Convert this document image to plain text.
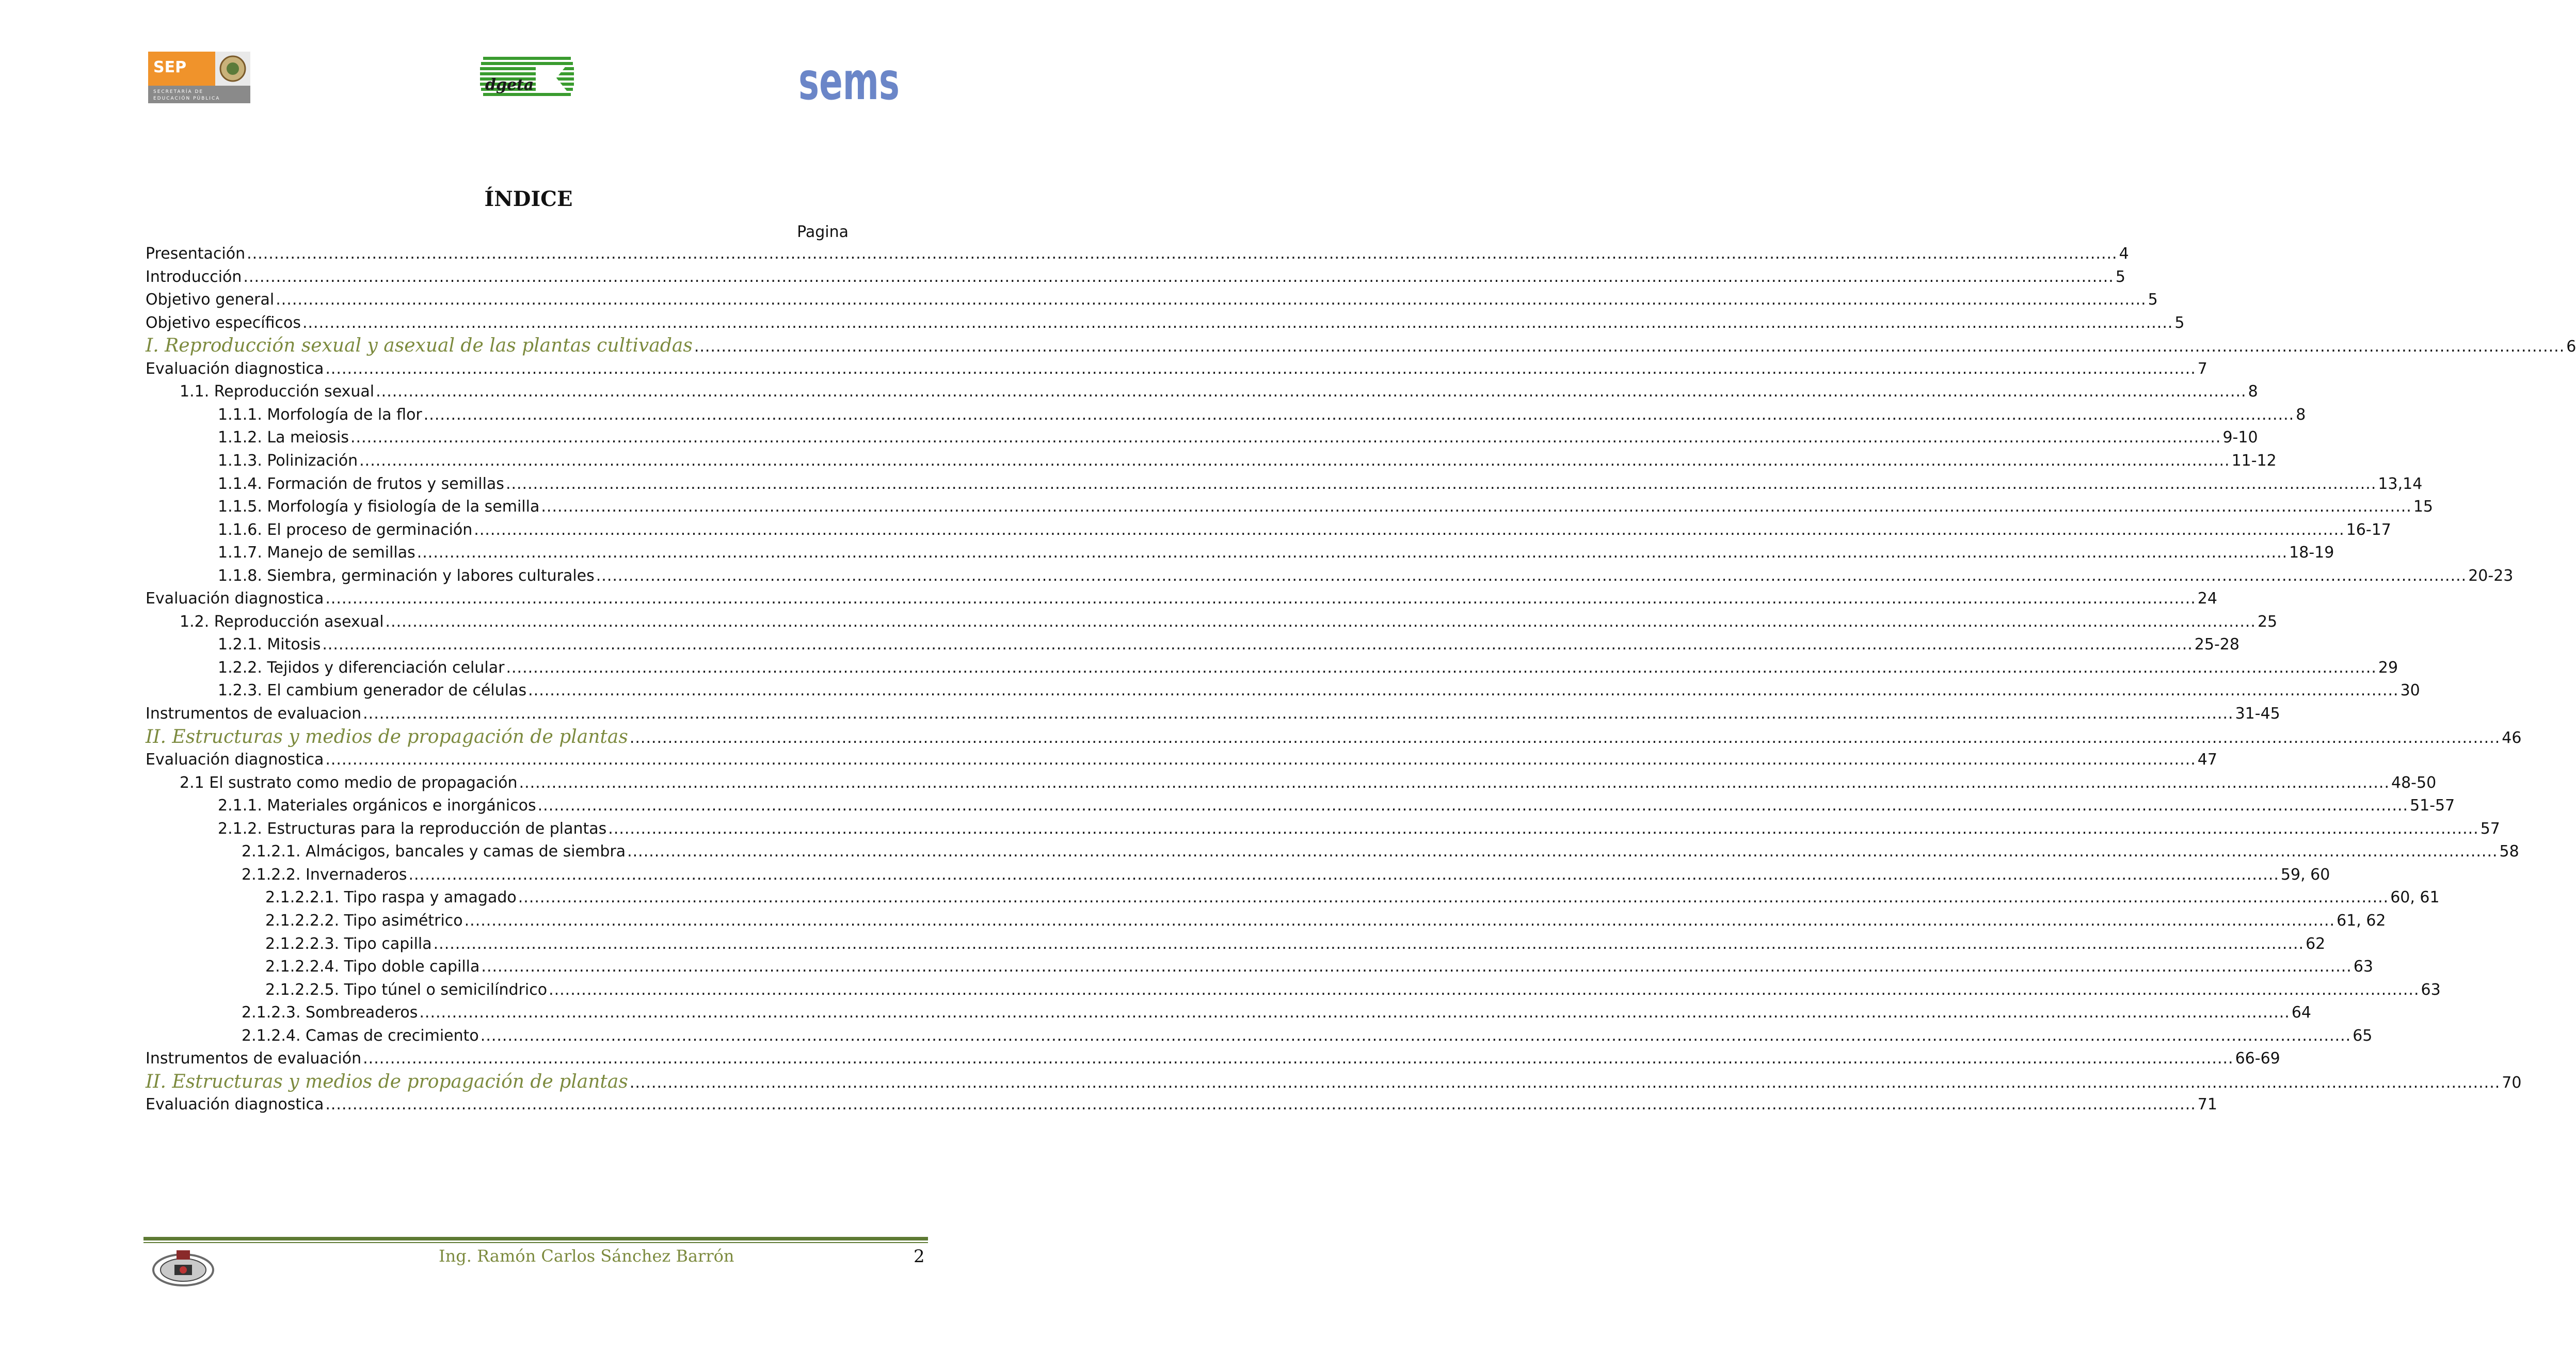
SEP
SECRETARÍA DE
EDUCACIÓN PÚBLICA
dgeta	sems
ÍNDICE
Pagina
Presentación .....	4
Introducción .....	5
Objetivo general .....	5
Objetivo específicos .....	5
I. Reproducción sexual y asexual de las plantas cultivadas .....	6
Evaluación diagnostica .....	7
1.1. Reproducción sexual .....	8
1.1.1. Morfología de la flor .....	8
1.1.2. La meiosis .....	9-10
1.1.3. Polinización .....	11-12
1.1.4. Formación de frutos y semillas .....	13,14
1.1.5. Morfología y fisiología de la semilla .....	15
1.1.6. El proceso de germinación .....	16-17
1.1.7. Manejo de semillas .....	18-19
1.1.8. Siembra, germinación y labores culturales .....	20-23
Evaluación diagnostica .....	24
1.2. Reproducción asexual .....	25
1.2.1. Mitosis .....	25-28
1.2.2. Tejidos y diferenciación celular .....	29
1.2.3. El cambium generador de células .....	30
Instrumentos de evaluacion .....	31-45
II. Estructuras y medios de propagación de plantas .....	46
Evaluación diagnostica .....	47
2.1 El sustrato como medio de propagación .....	48-50
2.1.1. Materiales orgánicos e inorgánicos .....	51-57
2.1.2. Estructuras para la reproducción de plantas .....	57
2.1.2.1. Almácigos, bancales y camas de siembra .....	58
2.1.2.2. Invernaderos .....	59, 60
2.1.2.2.1. Tipo raspa y amagado .....	60, 61
2.1.2.2.2. Tipo asimétrico .....	61, 62
2.1.2.2.3. Tipo capilla .....	62
2.1.2.2.4. Tipo doble capilla .....	63
2.1.2.2.5. Tipo túnel o semicilíndrico .....	63
2.1.2.3. Sombreaderos .....	64
2.1.2.4. Camas de crecimiento .....	65
Instrumentos de evaluación .....	66-69
II. Estructuras y medios de propagación de plantas .....	70
Evaluación diagnostica .....	71
Ing. Ramón Carlos Sánchez Barrón	2
